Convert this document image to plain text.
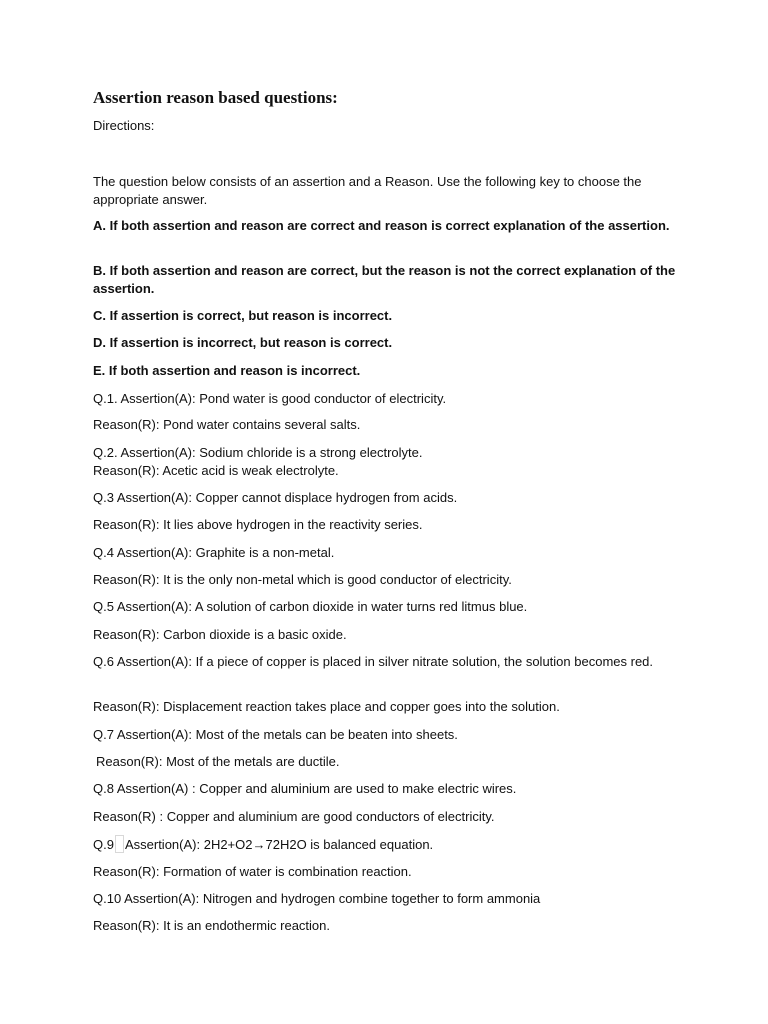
Assertion reason based questions:
Directions:
The question below consists of an assertion and a Reason. Use the following key to choose the appropriate answer.
A. If both assertion and reason are correct and reason is correct explanation of the assertion.
B. If both assertion and reason are correct, but the reason is not the correct explanation of the assertion.
C. If assertion is correct, but reason is incorrect.
D. If assertion is incorrect, but reason is correct.
E. If both assertion and reason is incorrect.
Q.1. Assertion(A): Pond water is good conductor of electricity.
Reason(R): Pond water contains several salts.
Q.2. Assertion(A): Sodium chloride is a strong electrolyte.
Reason(R): Acetic acid is weak electrolyte.
Q.3 Assertion(A): Copper cannot displace hydrogen from acids.
Reason(R): It lies above hydrogen in the reactivity series.
Q.4 Assertion(A): Graphite is a non-metal.
Reason(R): It is the only non-metal which is good conductor of electricity.
Q.5 Assertion(A): A solution of carbon dioxide in water turns red litmus blue.
Reason(R): Carbon dioxide is a basic oxide.
Q.6 Assertion(A): If a piece of copper is placed in silver nitrate solution, the solution becomes red.
Reason(R): Displacement reaction takes place and copper goes into the solution.
Q.7 Assertion(A): Most of the metals can be beaten into sheets.
Reason(R): Most of the metals are ductile.
Q.8 Assertion(A) : Copper and aluminium are used to make electric wires.
Reason(R) : Copper and aluminium are good conductors of electricity.
Q.9 Assertion(A): 2H2+O2→72H2O is balanced equation.
Reason(R): Formation of water is combination reaction.
Q.10 Assertion(A): Nitrogen and hydrogen combine together to form ammonia
Reason(R): It is an endothermic reaction.
